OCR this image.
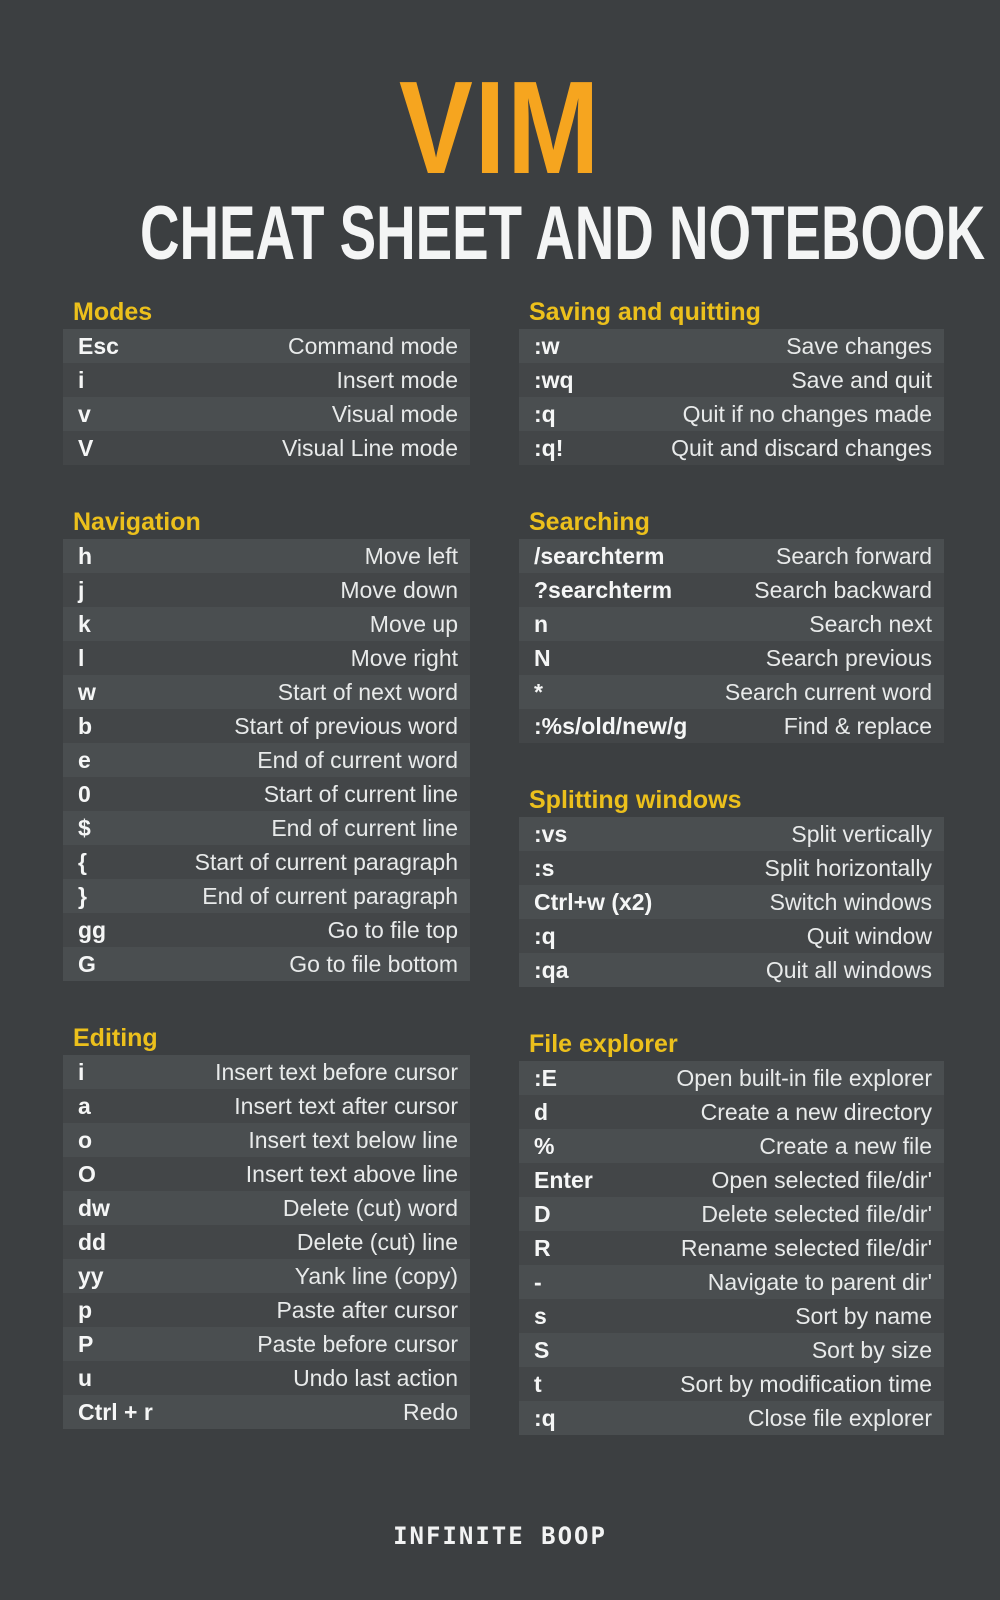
VIM
CHEAT SHEET AND NOTEBOOK
Modes
Esc	Command mode
i	Insert mode
v	Visual mode
V	Visual Line mode
Navigation
h	Move left
j	Move down
k	Move up
l	Move right
w	Start of next word
b	Start of previous word
e	End of current word
0	Start of current line
$	End of current line
{	Start of current paragraph
}	End of current paragraph
gg	Go to file top
G	Go to file bottom
Editing
i	Insert text before cursor
a	Insert text after cursor
o	Insert text below line
O	Insert text above line
dw	Delete (cut) word
dd	Delete (cut) line
yy	Yank line (copy)
p	Paste after cursor
P	Paste before cursor
u	Undo last action
Ctrl + r	Redo
Saving and quitting
:w	Save changes
:wq	Save and quit
:q	Quit if no changes made
:q!	Quit and discard changes
Searching
/searchterm	Search forward
?searchterm	Search backward
n	Search next
N	Search previous
*	Search current word
:%s/old/new/g	Find & replace
Splitting windows
:vs	Split vertically
:s	Split horizontally
Ctrl+w (x2)	Switch windows
:q	Quit window
:qa	Quit all windows
File explorer
:E	Open built-in file explorer
d	Create a new directory
%	Create a new file
Enter	Open selected file/dir'
D	Delete selected file/dir'
R	Rename selected file/dir'
-	Navigate to parent dir'
s	Sort by name
S	Sort by size
t	Sort by modification time
:q	Close file explorer
INFINITE BOOP
